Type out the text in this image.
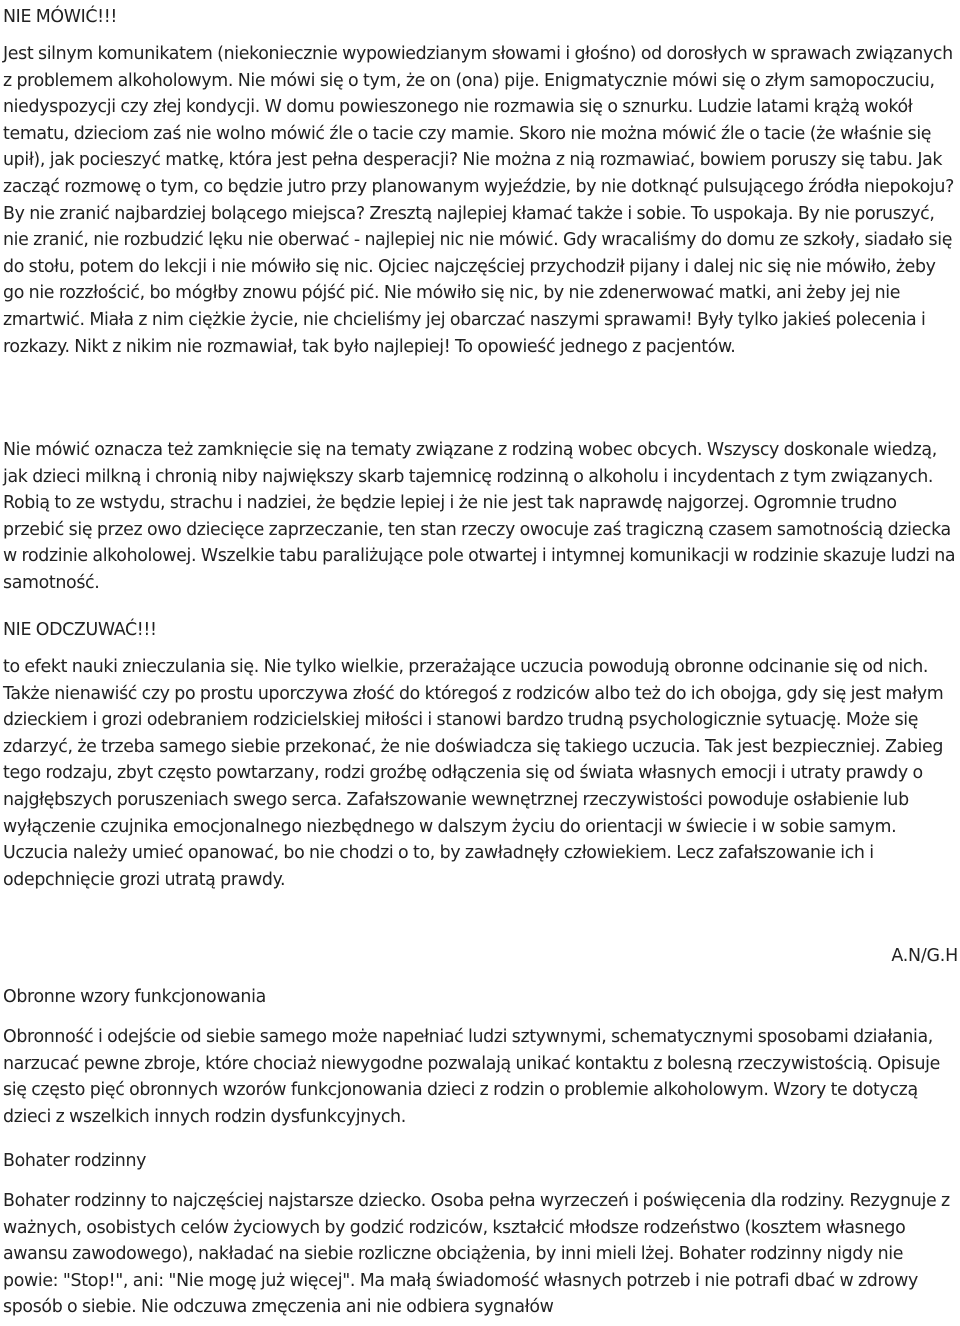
NIE MÓWIĆ!!!

Jest silnym komunikatem (niekoniecznie wypowiedzianym słowami i głośno) od dorosłych w sprawach związanych z problemem alkoholowym. Nie mówi się o tym, że on (ona) pije. Enigmatycznie mówi się o złym samopoczuciu, niedyspozycji czy złej kondycji. W domu powieszonego nie rozmawia się o sznurku. Ludzie latami krążą wokół tematu, dzieciom zaś nie wolno mówić źle o tacie czy mamie. Skoro nie można mówić źle o tacie (że właśnie się upił), jak pocieszyć matkę, która jest pełna desperacji? Nie można z nią rozmawiać, bowiem poruszy się tabu. Jak zacząć rozmowę o tym, co będzie jutro przy planowanym wyjeździe, by nie dotknąć pulsującego źródła niepokoju? By nie zranić najbardziej bolącego miejsca? Zresztą najlepiej kłamać także i sobie. To uspokaja. By nie poruszyć, nie zranić, nie rozbudzić lęku nie oberwać - najlepiej nic nie mówić. Gdy wracaliśmy do domu ze szkoły, siadało się do stołu, potem do lekcji i nie mówiło się nic. Ojciec najczęściej przychodził pijany i dalej nic się nie mówiło, żeby go nie rozzłościć, bo mógłby znowu pójść pić. Nie mówiło się nic, by nie zdenerwować matki, ani żeby jej nie zmartwić. Miała z nim ciężkie życie, nie chcieliśmy jej obarczać naszymi sprawami! Były tylko jakieś polecenia i rozkazy. Nikt z nikim nie rozmawiał, tak było najlepiej! To opowieść jednego z pacjentów.

Nie mówić oznacza też zamknięcie się na tematy związane z rodziną wobec obcych. Wszyscy doskonale wiedzą, jak dzieci milkną i chronią niby największy skarb tajemnicę rodzinną o alkoholu i incydentach z tym związanych. Robią to ze wstydu, strachu i nadziei, że będzie lepiej i że nie jest tak naprawdę najgorzej. Ogromnie trudno przebić się przez owo dziecięce zaprzeczanie, ten stan rzeczy owocuje zaś tragiczną czasem samotnością dziecka w rodzinie alkoholowej. Wszelkie tabu paraliżujące pole otwartej i intymnej komunikacji w rodzinie skazuje ludzi na samotność.

NIE ODCZUWAĆ!!!

to efekt nauki znieczulania się. Nie tylko wielkie, przerażające uczucia powodują obronne odcinanie się od nich. Także nienawiść czy po prostu uporczywa złość do któregoś z rodziców albo też do ich obojga, gdy się jest małym dzieckiem i grozi odebraniem rodzicielskiej miłości i stanowi bardzo trudną psychologicznie sytuację. Może się zdarzyć, że trzeba samego siebie przekonać, że nie doświadcza się takiego uczucia. Tak jest bezpieczniej. Zabieg tego rodzaju, zbyt często powtarzany, rodzi groźbę odłączenia się od świata własnych emocji i utraty prawdy o najgłębszych poruszeniach swego serca. Zafałszowanie wewnętrznej rzeczywistości powoduje osłabienie lub wyłączenie czujnika emocjonalnego niezbędnego w dalszym życiu do orientacji w świecie i w sobie samym. Uczucia należy umieć opanować, bo nie chodzi o to, by zawładnęły człowiekiem. Lecz zafałszowanie ich i odepchnięcie grozi utratą prawdy.

A.N/G.H

Obronne wzory funkcjonowania

Obronność i odejście od siebie samego może napełniać ludzi sztywnymi, schematycznymi sposobami działania, narzucać pewne zbroje, które chociaż niewygodne pozwalają unikać kontaktu z bolesną rzeczywistością. Opisuje się często pięć obronnych wzorów funkcjonowania dzieci z rodzin o problemie alkoholowym. Wzory te dotyczą dzieci z wszelkich innych rodzin dysfunkcyjnych.

Bohater rodzinny

Bohater rodzinny to najczęściej najstarsze dziecko. Osoba pełna wyrzeczeń i poświęcenia dla rodziny. Rezygnuje z ważnych, osobistych celów życiowych by godzić rodziców, kształcić młodsze rodzeństwo (kosztem własnego awansu zawodowego), nakładać na siebie rozliczne obciążenia, by inni mieli lżej. Bohater rodzinny nigdy nie powie: "Stop!", ani: "Nie mogę już więcej". Ma małą świadomość własnych potrzeb i nie potrafi dbać w zdrowy sposób o siebie. Nie odczuwa zmęczenia ani nie odbiera sygnałów
